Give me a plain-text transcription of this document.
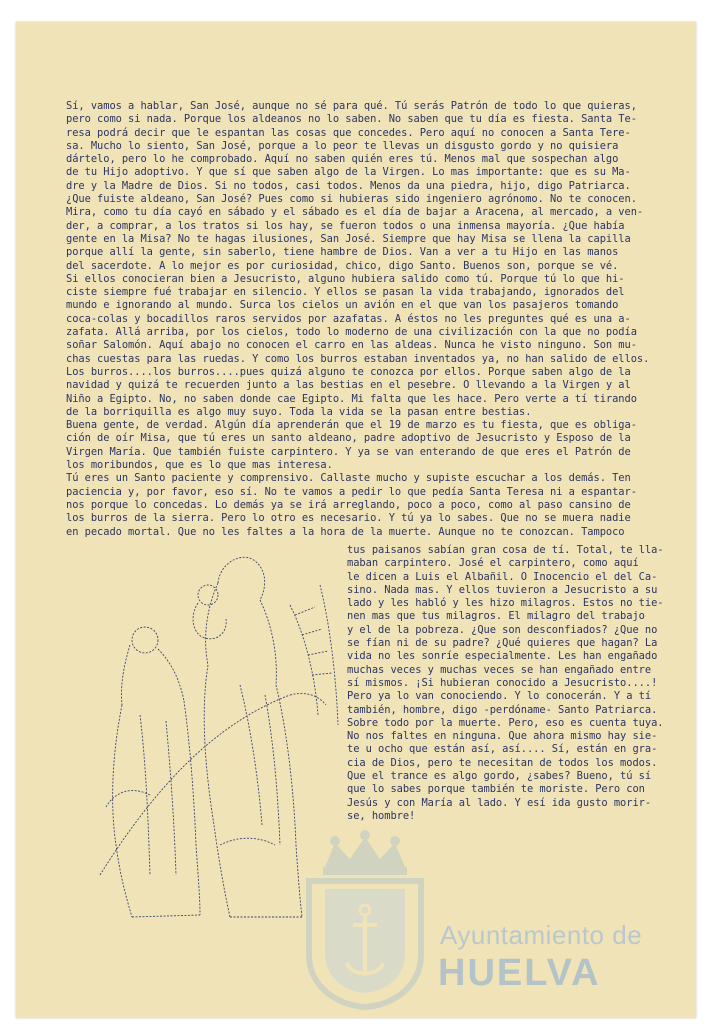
Sí, vamos a hablar, San José, aunque no sé para qué. Tú serás Patrón de todo lo que quieras,
pero como si nada. Porque los aldeanos no lo saben. No saben que tu día es fiesta. Santa Te-
resa podrá decir que le espantan las cosas que concedes. Pero aquí no conocen a Santa Tere-
sa. Mucho lo siento, San José, porque a lo peor te llevas un disgusto gordo y no quisiera
dártelo, pero lo he comprobado. Aquí no saben quién eres tú. Menos mal que sospechan algo
de tu Hijo adoptivo. Y que sí que saben algo de la Virgen. Lo mas importante: que es su Ma-
dre y la Madre de Dios. Si no todos, casi todos. Menos da una piedra, hijo, digo Patriarca.
¿Que fuiste aldeano, San José? Pues como si hubieras sido ingeniero agrónomo. No te conocen.
Mira, como tu día cayó en sábado y el sábado es el día de bajar a Aracena, al mercado, a ven-
der, a comprar, a los tratos si los hay, se fueron todos o una inmensa mayoría. ¿Que había
gente en la Misa? No te hagas ilusiones, San José. Siempre que hay Misa se llena la capilla
porque allí la gente, sin saberlo, tiene hambre de Dios. Van a ver a tu Hijo en las manos
del sacerdote. A lo mejor es por curiosidad, chico, digo Santo. Buenos son, porque se vé.
Si ellos conocieran bien a Jesucristo, alguno hubiera salido como tú. Porque tú lo que hi-
ciste siempre fué trabajar en silencio. Y ellos se pasan la vida trabajando, ignorados del
mundo e ignorando al mundo. Surca los cielos un avión en el que van los pasajeros tomando
coca-colas y bocadillos raros servidos por azafatas. A éstos no les preguntes qué es una a-
zafata. Allá arriba, por los cielos, todo lo moderno de una civilización con la que no podía
soñar Salomón. Aquí abajo no conocen el carro en las aldeas. Nunca he visto ninguno. Son mu-
chas cuestas para las ruedas. Y como los burros estaban inventados ya, no han salido de ellos.
Los burros....los burros....pues quizá alguno te conozca por ellos. Porque saben algo de la
navidad y quizá te recuerden junto a las bestias en el pesebre. O llevando a la Virgen y al
Niño a Egipto. No, no saben donde cae Egipto. Mi falta que les hace. Pero verte a tí tirando
de la borriquilla es algo muy suyo. Toda la vida se la pasan entre bestias.
Buena gente, de verdad. Algún día aprenderán que el 19 de marzo es tu fiesta, que es obliga-
ción de oír Misa, que tú eres un santo aldeano, padre adoptivo de Jesucristo y Esposo de la
Virgen María. Que también fuiste carpintero. Y ya se van enterando de que eres el Patrón de
los moribundos, que es lo que mas interesa.
Tú eres un Santo paciente y comprensivo. Callaste mucho y supiste escuchar a los demás. Ten
paciencia y, por favor, eso sí. No te vamos a pedir lo que pedía Santa Teresa ni a espantar-
nos porque lo concedas. Lo demás ya se irá arreglando, poco a poco, como al paso cansino de
los burros de la sierra. Pero lo otro es necesario. Y tú ya lo sabes. Que no se muera nadie
en pecado mortal. Que no les faltes a la hora de la muerte. Aunque no te conozcan. Tampoco
tus paisanos sabían gran cosa de tí. Total, te lla-
maban carpintero. José el carpintero, como aquí
le dicen a Luis el Albañil. O Inocencio el del Ca-
sino. Nada mas. Y ellos tuvieron a Jesucristo a su
lado y les habló y les hizo milagros. Estos no tie-
nen mas que tus milagros. El milagro del trabajo
y el de la pobreza. ¿Que son desconfiados? ¿Que no
se fían ni de su padre? ¿Qué quieres que hagan? La
vida no les sonríe especialmente. Les han engañado
muchas veces y muchas veces se han engañado entre
sí mismos. ¡Si hubieran conocido a Jesucristo....!
Pero ya lo van conociendo. Y lo conocerán. Y a tí
también, hombre, digo -perdóname- Santo Patriarca.
Sobre todo por la muerte. Pero, eso es cuenta tuya.
No nos faltes en ninguna. Que ahora mismo hay sie-
te u ocho que están así, así.... Sí, están en gra-
cia de Dios, pero te necesitan de todos los modos.
Que el trance es algo gordo, ¿sabes? Bueno, tú sí
que lo sabes porque también te moriste. Pero con
Jesús y con María al lado. Y esí ida gusto morir-
se, hombre!
Ayuntamiento de
HUELVA
